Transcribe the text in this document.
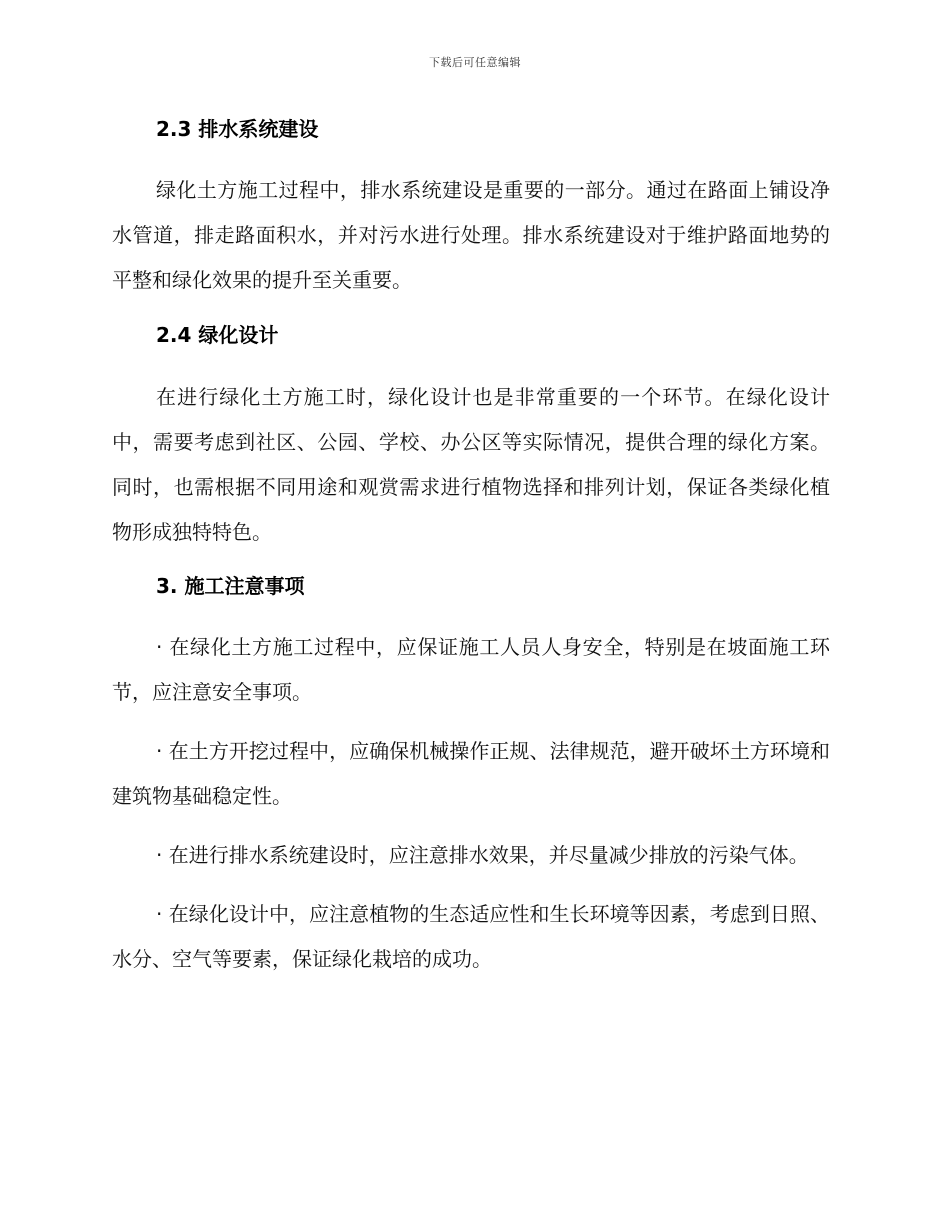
下载后可任意编辑
2.3 排水系统建设

绿化土方施工过程中，排水系统建设是重要的一部分。通过在路面上铺设净水管道，排走路面积水，并对污水进行处理。排水系统建设对于维护路面地势的平整和绿化效果的提升至关重要。

2.4 绿化设计

在进行绿化土方施工时，绿化设计也是非常重要的一个环节。在绿化设计中，需要考虑到社区、公园、学校、办公区等实际情况，提供合理的绿化方案。同时，也需根据不同用途和观赏需求进行植物选择和排列计划，保证各类绿化植物形成独特特色。

3. 施工注意事项

· 在绿化土方施工过程中，应保证施工人员人身安全，特别是在坡面施工环节，应注意安全事项。

· 在土方开挖过程中，应确保机械操作正规、法律规范，避开破坏土方环境和建筑物基础稳定性。

· 在进行排水系统建设时，应注意排水效果，并尽量减少排放的污染气体。

· 在绿化设计中，应注意植物的生态适应性和生长环境等因素，考虑到日照、水分、空气等要素，保证绿化栽培的成功。
